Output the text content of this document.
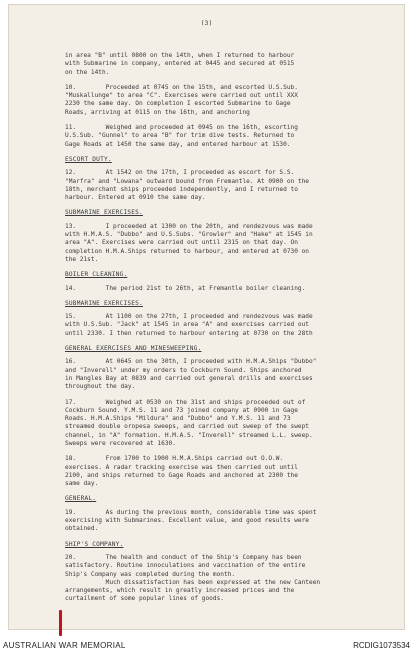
(3)
in area "B" until 0800 on the 14th, when I returned to harbour
with Submarine in company, entered at 0445 and secured at 0515
on the 14th.
10.        Proceeded at 0745 on the 15th, and escorted U.S.Sub.
"Muskallunge" to area "C". Exercises were carried out until XXX
2230 the same day. On completion I escorted Submarine to Gage
Roads, arriving at 0115 on the 16th, and anchoring
11.        Weighed and proceeded at 0945 on the 16th, escorting
U.S.Sub. "Gunnel" to area "B" for trim dive tests. Returned to
Gage Roads at 1450 the same day, and entered harbour at 1530.
ESCORT DUTY.
12.        At 1542 on the 17th, I proceeded as escort for S.S.
"Marfra" and "Lowana" outward bound from Fremantle. At 0900 on the
18th, merchant ships proceeded independently, and I returned to
harbour. Entered at 0910 the same day.
SUBMARINE EXERCISES.
13.        I proceeded at 1300 on the 20th, and rendezvous was made
with H.M.A.S. "Dubbo" and U.S.Subs. "Growler" and "Hake" at 1545 in
area "A". Exercises were carried out until 2315 on that day. On
completion H.M.A.Ships returned to harbour, and entered at 0730 on
the 21st.
BOILER CLEANING.
14.        The period 21st to 26th, at Fremantle boiler cleaning.
SUBMARINE EXERCISES.
15.        At 1100 on the 27th, I proceeded and rendezvous was made
with U.S.Sub. "Jack" at 1545 in area "A" and exercises carried out
until 2330. I then returned to harbour entering at 0730 on the 28th
GENERAL EXERCISES AND MINESWEEPING.
16.        At 0645 on the 30th, I proceeded with H.M.A.Ships "Dubbo"
and "Inverell" under my orders to Cockburn Sound. Ships anchored
in Mangles Bay at 0839 and carried out general drills and exercises
throughout the day.
17.        Weighed at 0530 on the 31st and ships proceeded out of
Cockburn Sound. Y.M.S. 11 and 73 joined company at 0900 in Gage
Roads. H.M.A.Ships "Mildura" and "Dubbo" and Y.M.S. 11 and 73
streamed double oropesa sweeps, and carried out sweep of the swept
channel, in "A" formation. H.M.A.S. "Inverell" streamed L.L. sweep.
Sweeps were recovered at 1630.
18.        From 1700 to 1900 H.M.A.Ships carried out O.O.W.
exercises. A radar tracking exercise was then carried out until
2100, and ships returned to Gage Roads and anchored at 2300 the
same day.
GENERAL.
19.        As during the previous month, considerable time was spent
exercising with Submarines. Excellent value, and good results were
obtained.
SHIP'S COMPANY.
20.        The health and conduct of the Ship's Company has been
satisfactory. Routine innoculations and vaccination of the entire
Ship's Company was completed during the month.
Much dissatisfaction has been expressed at the new Canteen
arrangements, which result in greatly increased prices and the
curtailment of some popular lines of goods.
AUSTRALIAN WAR MEMORIAL	RCDIG1073534
